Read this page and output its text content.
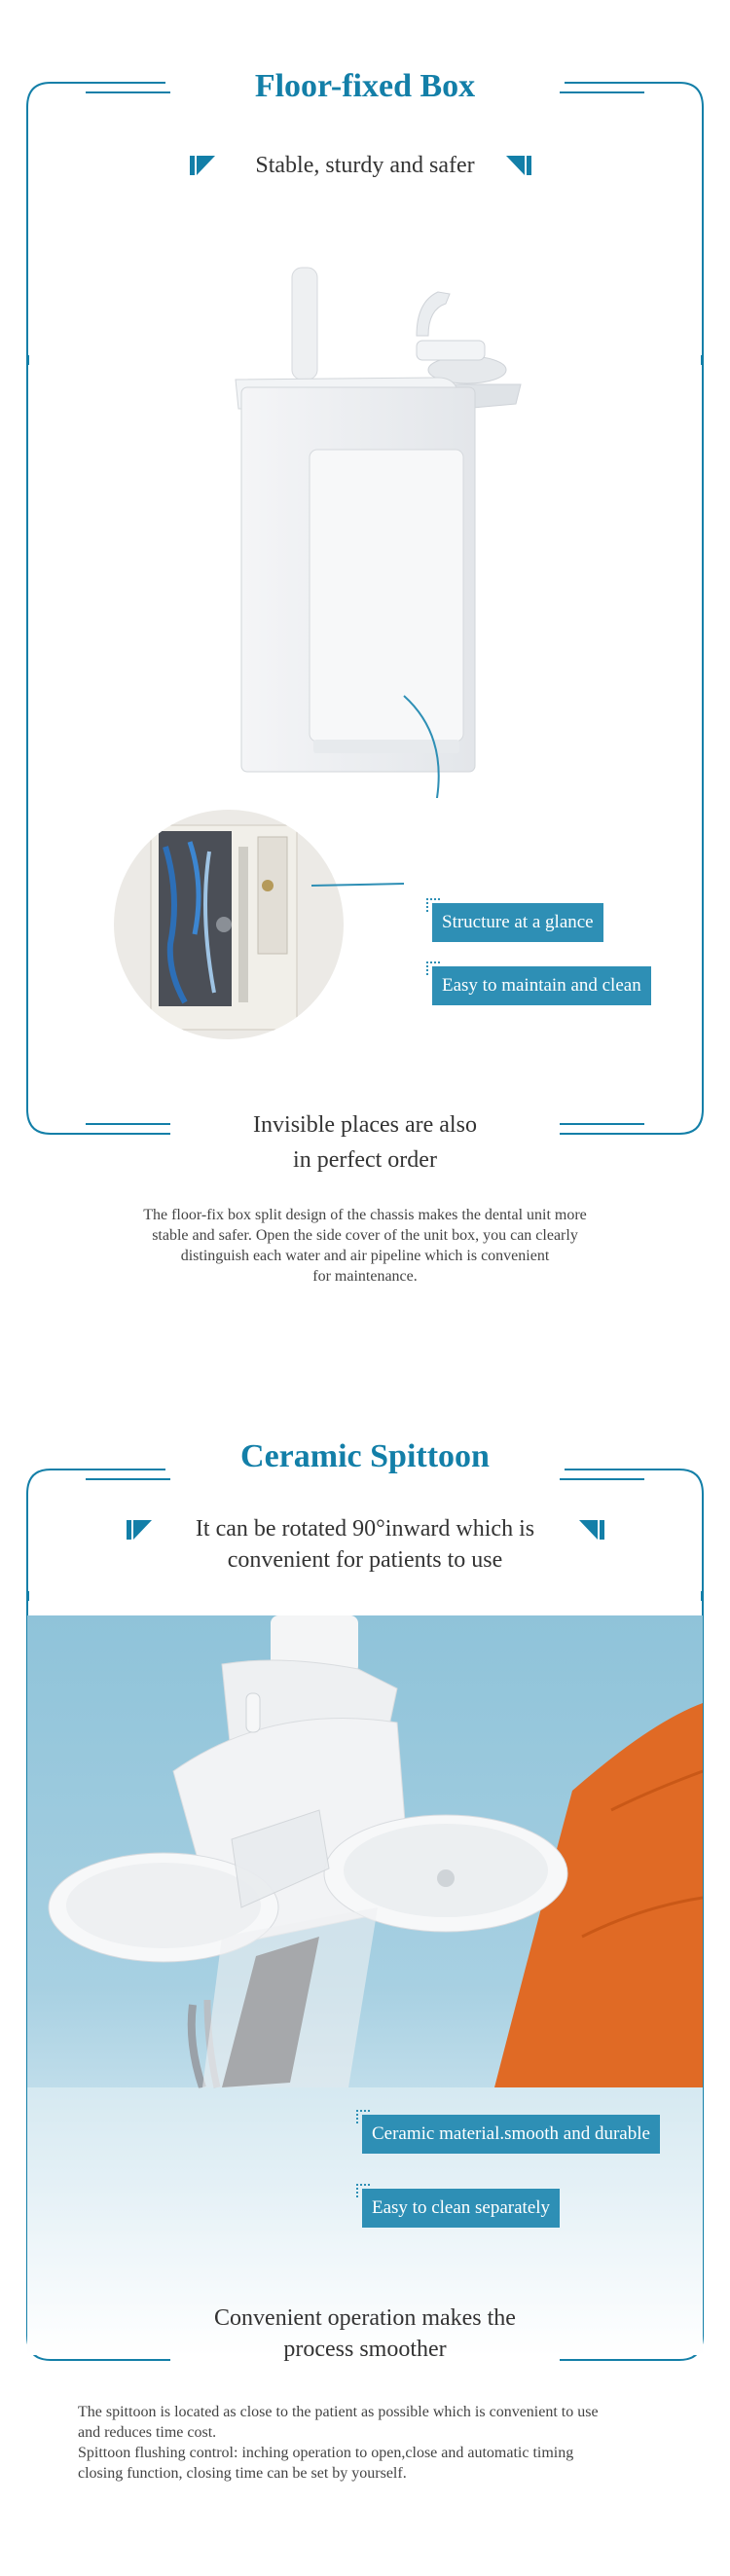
Floor-fixed Box
Stable, sturdy and safer
Structure at a glance
Easy to maintain and clean
Invisible places are also
in perfect order
The floor-fix box split design of the chassis makes the dental unit more
stable and safer. Open the side cover of the unit box, you can clearly
distinguish each water and air pipeline which is convenient
for maintenance.
Ceramic Spittoon
It can be rotated 90°inward which is
convenient for patients to use
Ceramic material.smooth and durable
Easy to clean separately
Convenient operation makes the
process smoother
The spittoon is located as close to the patient as possible which is convenient to use
and reduces time cost.
Spittoon flushing control: inching operation to open,close and automatic timing
closing function, closing time can be set by yourself.
